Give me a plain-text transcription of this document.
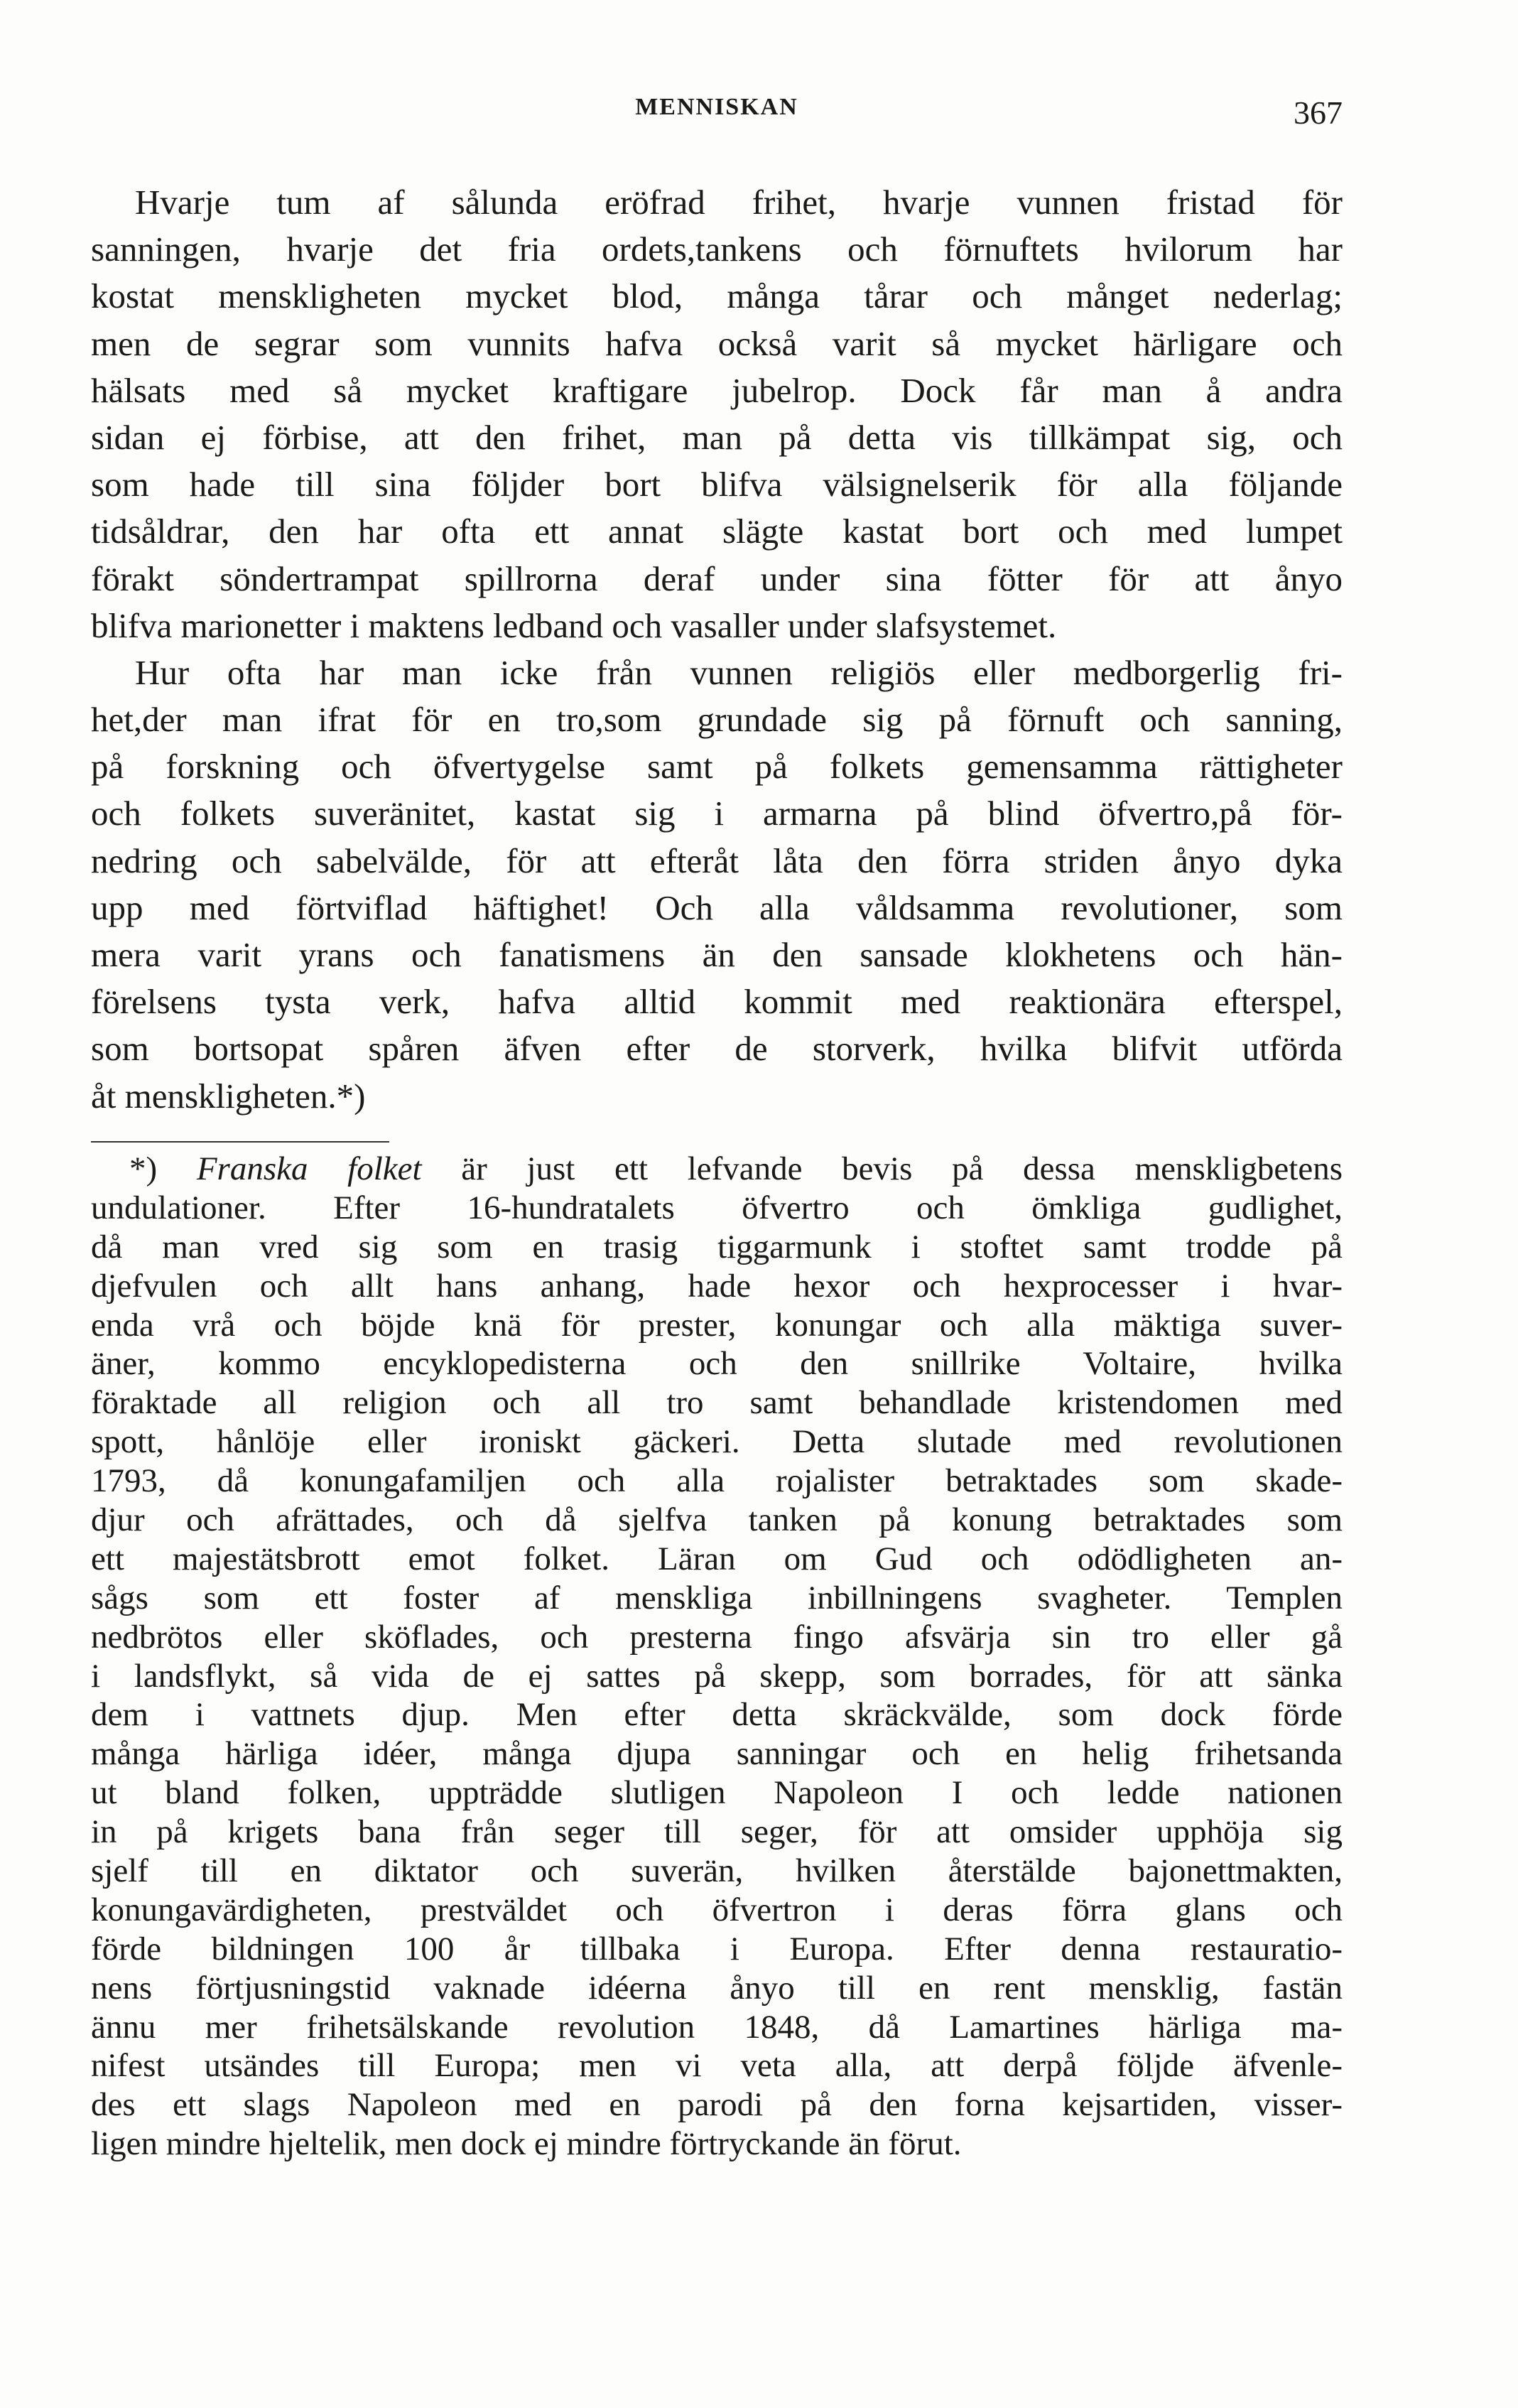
MENNISKAN	367
Hvarje tum af sålunda eröfrad frihet, hvarje vunnen fristad för
sanningen, hvarje det fria ordets,tankens och förnuftets hvilorum har
kostat menskligheten mycket blod, många tårar och månget nederlag;
men de segrar som vunnits hafva också varit så mycket härligare och
hälsats med så mycket kraftigare jubelrop. Dock får man å andra
sidan ej förbise, att den frihet, man på detta vis tillkämpat sig, och
som hade till sina följder bort blifva välsignelserik för alla följande
tidsåldrar, den har ofta ett annat slägte kastat bort och med lumpet
förakt söndertrampat spillrorna deraf under sina fötter för att ånyo
blifva marionetter i maktens ledband och vasaller under slafsystemet.
Hur ofta har man icke från vunnen religiös eller medborgerlig fri-
het,der man ifrat för en tro,som grundade sig på förnuft och sanning,
på forskning och öfvertygelse samt på folkets gemensamma rättigheter
och folkets suveränitet, kastat sig i armarna på blind öfvertro,på för-
nedring och sabelvälde, för att efteråt låta den förra striden ånyo dyka
upp med förtviflad häftighet! Och alla våldsamma revolutioner, som
mera varit yrans och fanatismens än den sansade klokhetens och hän-
förelsens tysta verk, hafva alltid kommit med reaktionära efterspel,
som bortsopat spåren äfven efter de storverk, hvilka blifvit utförda
åt menskligheten.*)
*) Franska folket är just ett lefvande bevis på dessa menskligbetens
undulationer. Efter 16-hundratalets öfvertro och ömkliga gudlighet,
då man vred sig som en trasig tiggarmunk i stoftet samt trodde på
djefvulen och allt hans anhang, hade hexor och hexprocesser i hvar-
enda vrå och böjde knä för prester, konungar och alla mäktiga suver-
äner, kommo encyklopedisterna och den snillrike Voltaire, hvilka
föraktade all religion och all tro samt behandlade kristendomen med
spott, hånlöje eller ironiskt gäckeri. Detta slutade med revolutionen
1793, då konungafamiljen och alla rojalister betraktades som skade-
djur och afrättades, och då sjelfva tanken på konung betraktades som
ett majestätsbrott emot folket. Läran om Gud och odödligheten an-
sågs som ett foster af menskliga inbillningens svagheter. Templen
nedbrötos eller sköflades, och presterna fingo afsvärja sin tro eller gå
i landsflykt, så vida de ej sattes på skepp, som borrades, för att sänka
dem i vattnets djup. Men efter detta skräckvälde, som dock förde
många härliga idéer, många djupa sanningar och en helig frihetsanda
ut bland folken, uppträdde slutligen Napoleon I och ledde nationen
in på krigets bana från seger till seger, för att omsider upphöja sig
sjelf till en diktator och suverän, hvilken återstälde bajonettmakten,
konungavärdigheten, prestväldet och öfvertron i deras förra glans och
förde bildningen 100 år tillbaka i Europa. Efter denna restauratio-
nens förtjusningstid vaknade idéerna ånyo till en rent mensklig, fastän
ännu mer frihetsälskande revolution 1848, då Lamartines härliga ma-
nifest utsändes till Europa; men vi veta alla, att derpå följde äfvenle-
des ett slags Napoleon med en parodi på den forna kejsartiden, visser-
ligen mindre hjeltelik, men dock ej mindre förtryckande än förut.
